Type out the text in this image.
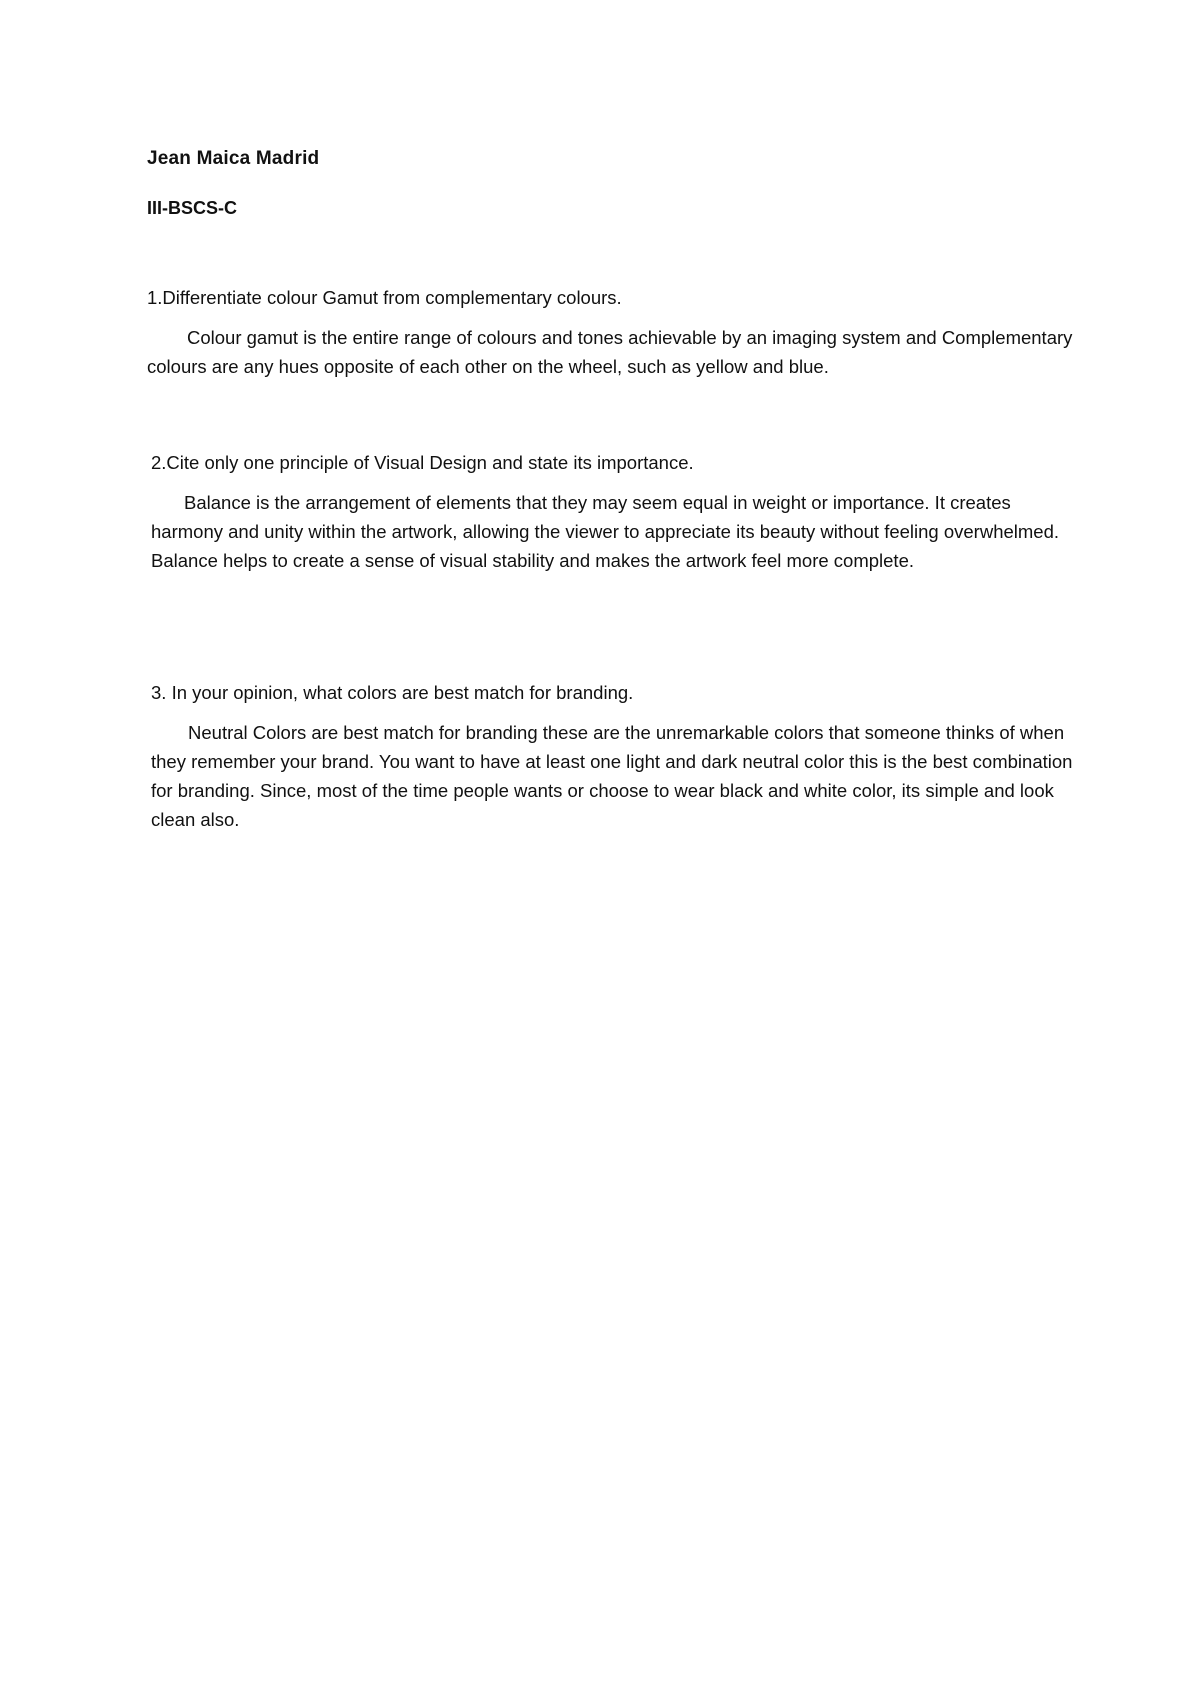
Jean Maica Madrid
III-BSCS-C

1.Differentiate colour Gamut from complementary colours.

Colour gamut is the entire range of colours and tones achievable by an imaging system and Complementary colours are any hues opposite of each other on the wheel, such as yellow and blue.

2.Cite only one principle of Visual Design and state its importance.

Balance is the arrangement of elements that they may seem equal in weight or importance. It creates harmony and unity within the artwork, allowing the viewer to appreciate its beauty without feeling overwhelmed. Balance helps to create a sense of visual stability and makes the artwork feel more complete.

3. In your opinion, what colors are best match for branding.

Neutral Colors are best match for branding these are the unremarkable colors that someone thinks of when they remember your brand. You want to have at least one light and dark neutral color this is the best combination for branding. Since, most of the time people wants or choose to wear black and white color, its simple and look clean also.
